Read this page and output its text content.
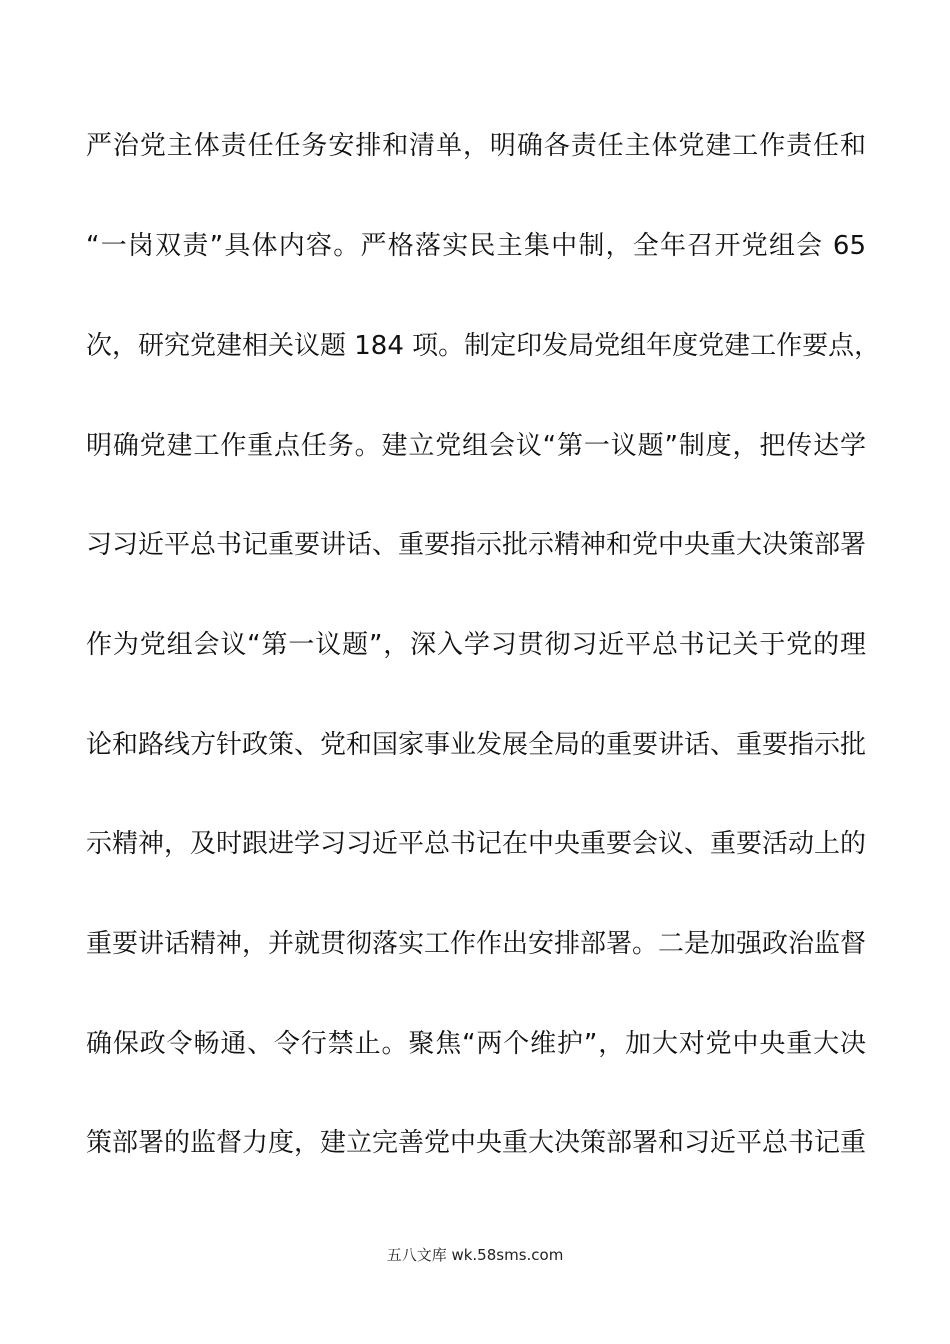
严治党主体责任任务安排和清单，明确各责任主体党建工作责任和
“一岗双责”具体内容。严格落实民主集中制，全年召开党组会 65
次，研究党建相关议题 184 项。制定印发局党组年度党建工作要点，
明确党建工作重点任务。建立党组会议“第一议题”制度，把传达学
习习近平总书记重要讲话、重要指示批示精神和党中央重大决策部署
作为党组会议“第一议题”，深入学习贯彻习近平总书记关于党的理
论和路线方针政策、党和国家事业发展全局的重要讲话、重要指示批
示精神，及时跟进学习习近平总书记在中央重要会议、重要活动上的
重要讲话精神，并就贯彻落实工作作出安排部署。二是加强政治监督
确保政令畅通、令行禁止。聚焦“两个维护”，加大对党中央重大决
策部署的监督力度，建立完善党中央重大决策部署和习近平总书记重
五八文库 wk.58sms.com
